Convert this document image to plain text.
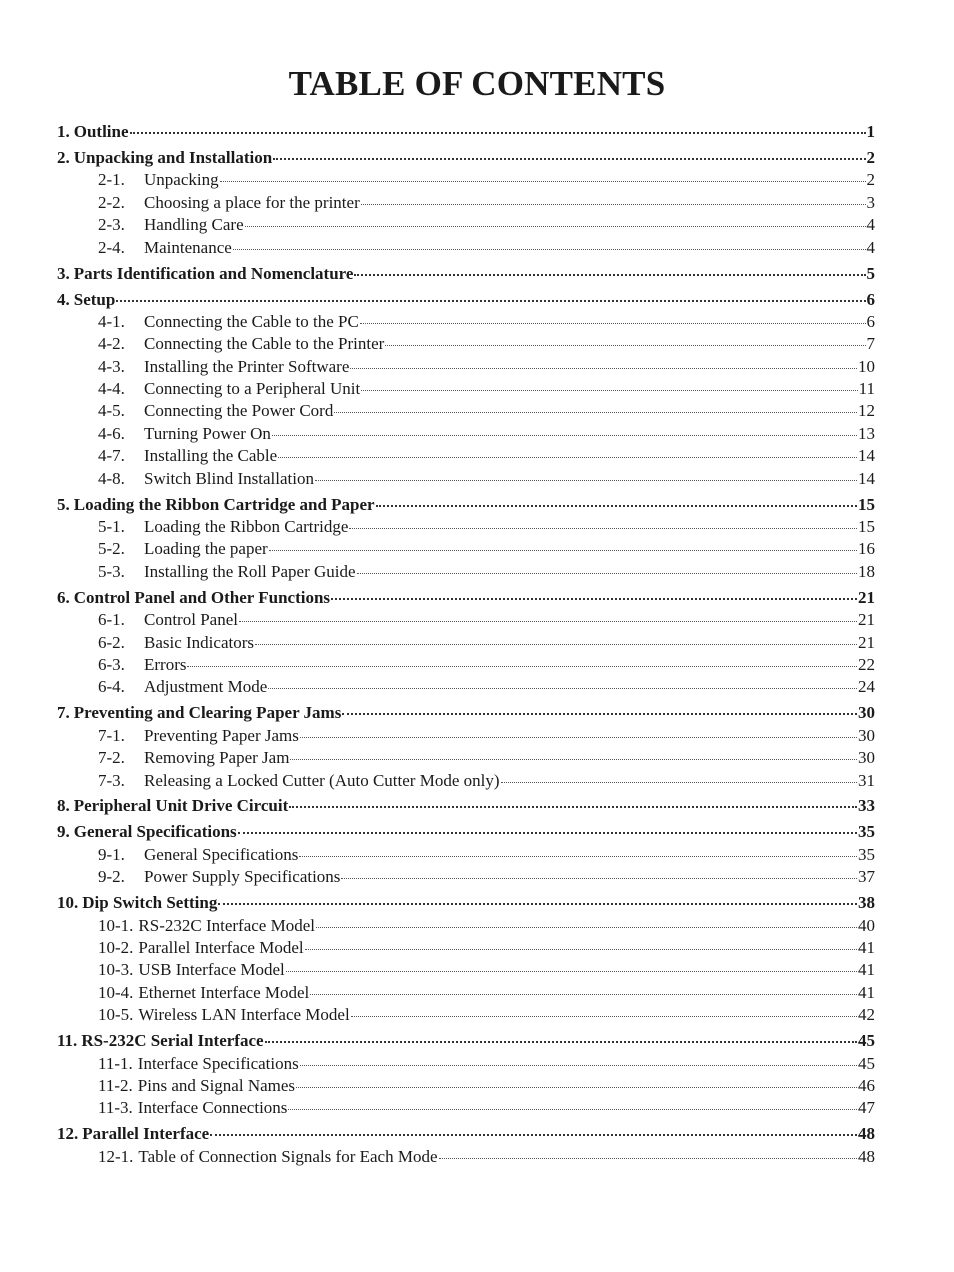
TABLE OF CONTENTS
1. Outline	1
2. Unpacking and Installation	2
2-1.	Unpacking	2
2-2.	Choosing a place for the printer	3
2-3.	Handling Care	4
2-4.	Maintenance	4
3. Parts Identification and Nomenclature	5
4. Setup	6
4-1.	Connecting the Cable to the PC	6
4-2.	Connecting the Cable to the Printer	7
4-3.	Installing the Printer Software	10
4-4.	Connecting to a Peripheral Unit	11
4-5.	Connecting the Power Cord	12
4-6.	Turning Power On	13
4-7.	Installing the Cable	14
4-8.	Switch Blind Installation	14
5. Loading the Ribbon Cartridge and Paper	15
5-1.	Loading the Ribbon Cartridge	15
5-2.	Loading the paper	16
5-3.	Installing the Roll Paper Guide	18
6. Control Panel and Other Functions	21
6-1.	Control Panel	21
6-2.	Basic Indicators	21
6-3.	Errors	22
6-4.	Adjustment Mode	24
7. Preventing and Clearing Paper Jams	30
7-1.	Preventing Paper Jams	30
7-2.	Removing Paper Jam	30
7-3.	Releasing a Locked Cutter (Auto Cutter Mode only)	31
8. Peripheral Unit Drive Circuit	33
9. General Specifications	35
9-1.	General Specifications	35
9-2.	Power Supply Specifications	37
10. Dip Switch Setting	38
10-1. RS-232C Interface Model	40
10-2. Parallel Interface Model	41
10-3. USB Interface Model	41
10-4. Ethernet Interface Model	41
10-5. Wireless LAN Interface Model	42
11. RS-232C Serial Interface	45
11-1. Interface Specifications	45
11-2. Pins and Signal Names	46
11-3. Interface Connections	47
12. Parallel Interface	48
12-1. Table of Connection Signals for Each Mode	48
